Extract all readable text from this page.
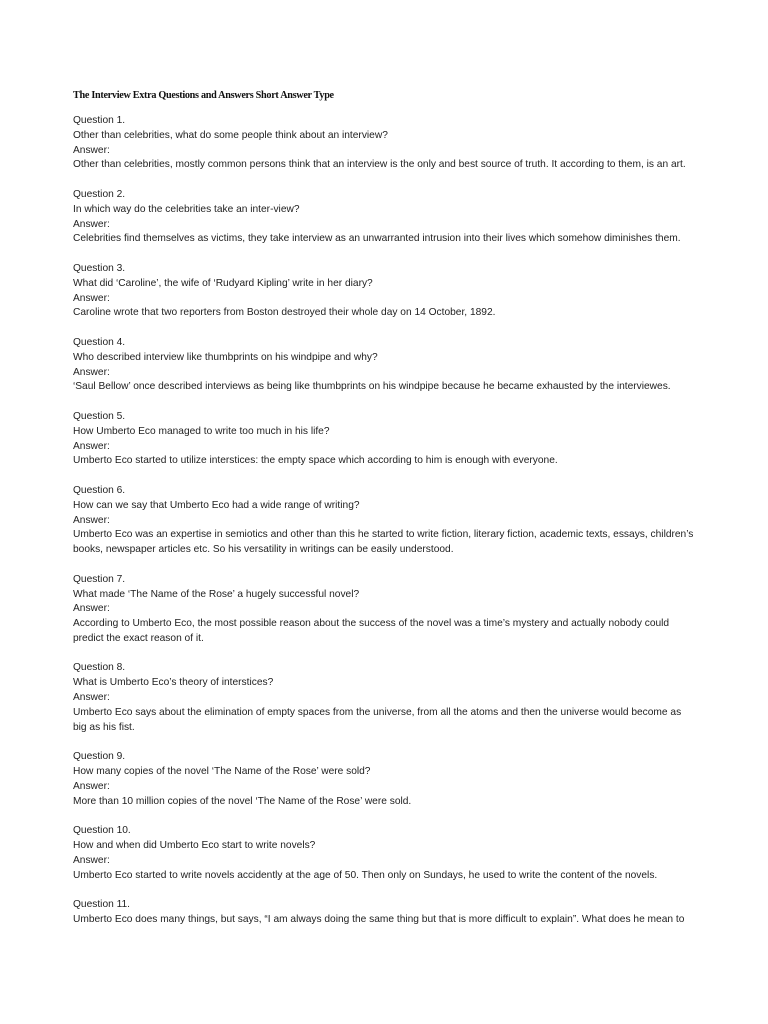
The Interview Extra Questions and Answers Short Answer Type

Question 1.

Other than celebrities, what do some people think about an interview?

Answer:

Other than celebrities, mostly common persons think that an interview is the only and best source of truth. It according to them, is an art.

Question 2.

In which way do the celebrities take an inter-view?

Answer:

Celebrities find themselves as victims, they take interview as an unwarranted intrusion into their lives which somehow diminishes them.

Question 3.

What did ‘Caroline’, the wife of ‘Rudyard Kipling’ write in her diary?

Answer:

Caroline wrote that two reporters from Boston destroyed their whole day on 14 October, 1892.

Question 4.

Who described interview like thumbprints on his windpipe and why?

Answer:

‘Saul Bellow’ once described interviews as being like thumbprints on his windpipe because he became exhausted by the interviewes.

Question 5.

How Umberto Eco managed to write too much in his life?

Answer:

Umberto Eco started to utilize interstices: the empty space which according to him is enough with everyone.

Question 6.

How can we say that Umberto Eco had a wide range of writing?

Answer:

Umberto Eco was an expertise in semiotics and other than this he started to write fiction, literary fiction, academic texts, essays, children’s books, newspaper articles etc. So his versatility in writings can be easily understood.

Question 7.

What made ‘The Name of the Rose’ a hugely successful novel?

Answer:

According to Umberto Eco, the most possible reason about the success of the novel was a time’s mystery and actually nobody could predict the exact reason of it.

Question 8.

What is Umberto Eco’s theory of interstices?

Answer:

Umberto Eco says about the elimination of empty spaces from the universe, from all the atoms and then the universe would become as big as his fist.

Question 9.

How many copies of the novel ‘The Name of the Rose’ were sold?

Answer:

More than 10 million copies of the novel ‘The Name of the Rose’ were sold.

Question 10.

How and when did Umberto Eco start to write novels?

Answer:

Umberto Eco started to write novels accidently at the age of 50. Then only on Sundays, he used to write the content of the novels.

Question 11.

Umberto Eco does many things, but says, “I am always doing the same thing but that is more difficult to explain”. What does he mean to
